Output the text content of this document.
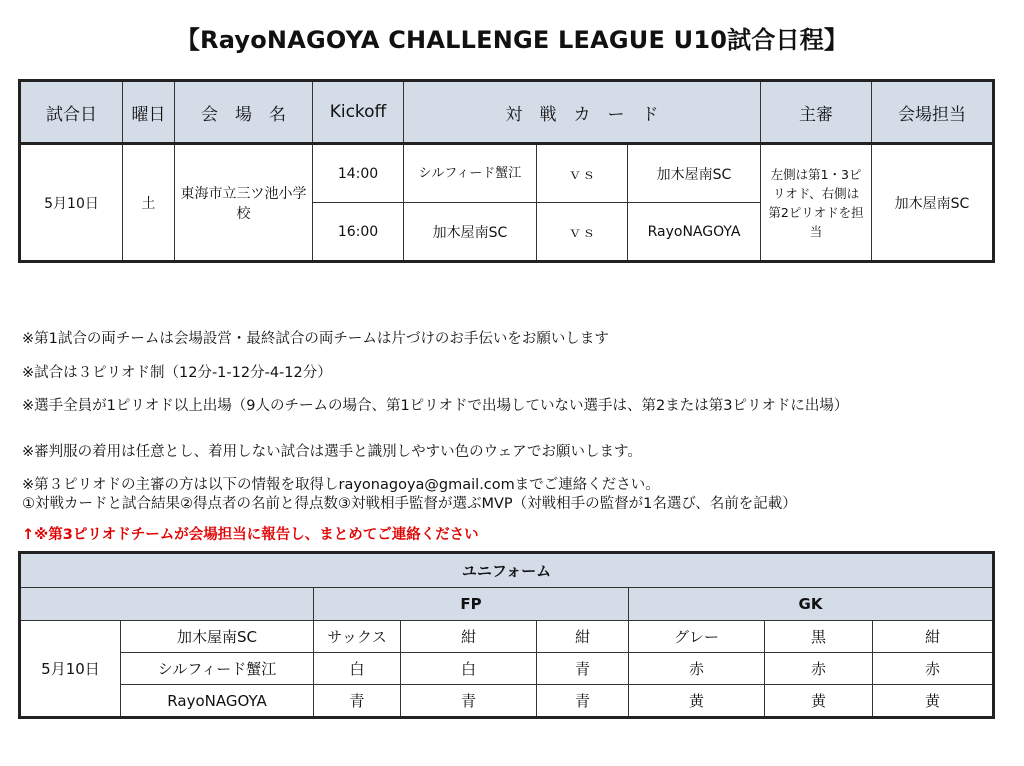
【RayoNAGOYA CHALLENGE LEAGUE U10試合日程】
試合日	曜日	会　場　名	Kickoff	対　戦　カ　ー　ド			主審	会場担当
5月10日	土	東海市立三ツ池小学校	14:00	シルフィード蟹江	ｖｓ	加木屋南SC	左側は第1・3ピリオド、右側は第2ピリオドを担当	加木屋南SC
			16:00	加木屋南SC	ｖｓ	RayoNAGOYA		
※第1試合の両チームは会場設営・最終試合の両チームは片づけのお手伝いをお願いします
※試合は３ピリオド制（12分-1-12分-4-12分）
※選手全員が1ピリオド以上出場（9人のチームの場合、第1ピリオドで出場していない選手は、第2または第3ピリオドに出場）
※審判服の着用は任意とし、着用しない試合は選手と識別しやすい色のウェアでお願いします。
※第３ピリオドの主審の方は以下の情報を取得しrayonagoya@gmail.comまでご連絡ください。
①対戦カードと試合結果②得点者の名前と得点数③対戦相手監督が選ぶMVP（対戦相手の監督が1名選び、名前を記載）
↑※第3ピリオドチームが会場担当に報告し、まとめてご連絡ください
ユニフォーム							
		FP			GK		
5月10日	加木屋南SC	サックス	紺	紺	グレー	黒	紺
	シルフィード蟹江	白	白	青	赤	赤	赤
	RayoNAGOYA	青	青	青	黄	黄	黄
